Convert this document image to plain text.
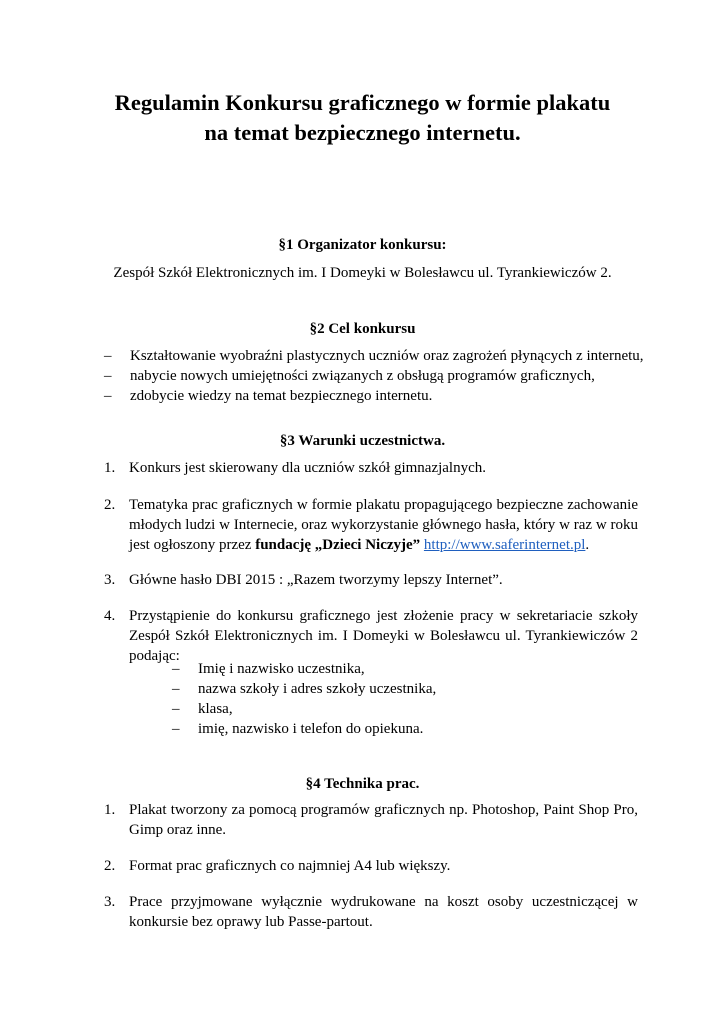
Regulamin Konkursu graficznego w formie plakatu
na temat bezpiecznego internetu.
§1 Organizator konkursu:
Zespół Szkół Elektronicznych im. I Domeyki w Bolesławcu ul. Tyrankiewiczów 2.
§2 Cel konkursu
– Kształtowanie wyobraźni plastycznych uczniów oraz zagrożeń płynących z internetu,
– nabycie nowych umiejętności związanych z obsługą programów graficznych,
– zdobycie wiedzy na temat bezpiecznego internetu.
§3 Warunki uczestnictwa.
1. Konkurs jest skierowany dla uczniów szkół gimnazjalnych.
2. Tematyka prac graficznych w formie plakatu propagującego bezpieczne zachowanie młodych ludzi w Internecie, oraz wykorzystanie głównego hasła, który w raz w roku jest ogłoszony przez fundację „Dzieci Niczyje” http://www.saferinternet.pl.
3. Główne hasło DBI 2015 : „Razem tworzymy lepszy Internet”.
4. Przystąpienie do konkursu graficznego jest złożenie pracy w sekretariacie szkoły Zespół Szkół Elektronicznych im. I Domeyki w Bolesławcu ul. Tyrankiewiczów 2 podając:
– Imię i nazwisko uczestnika,
– nazwa szkoły i adres szkoły uczestnika,
– klasa,
– imię, nazwisko i telefon do opiekuna.
§4 Technika prac.
1. Plakat tworzony za pomocą programów graficznych np. Photoshop, Paint Shop Pro, Gimp oraz inne.
2. Format prac graficznych co najmniej A4 lub większy.
3. Prace przyjmowane wyłącznie wydrukowane na koszt osoby uczestniczącej w konkursie bez oprawy lub Passe-partout.
